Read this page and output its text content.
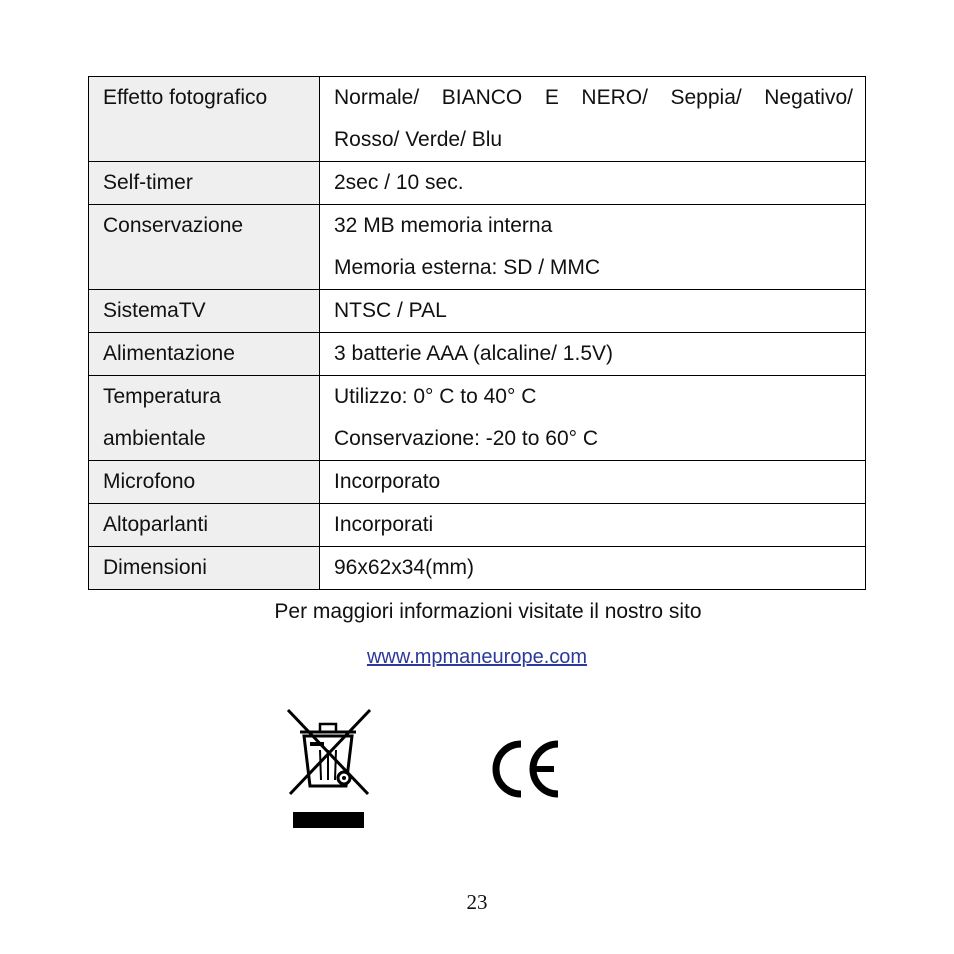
Effetto fotografico	Normale/ BIANCO E NERO/ Seppia/ Negativo/
Rosso/ Verde/ Blu

Self-timer	2sec / 10 sec.

Conservazione	32 MB memoria interna
Memoria esterna: SD / MMC

SistemaTV	NTSC / PAL

Alimentazione	3 batterie AAA (alcaline/ 1.5V)

Temperatura
ambientale	Utilizzo: 0° C to 40° C
Conservazione: -20 to 60° C

Microfono	Incorporato

Altoparlanti	Incorporati

Dimensioni	96x62x34(mm)
Per maggiori informazioni visitate il nostro sito
www.mpmaneurope.com
23
